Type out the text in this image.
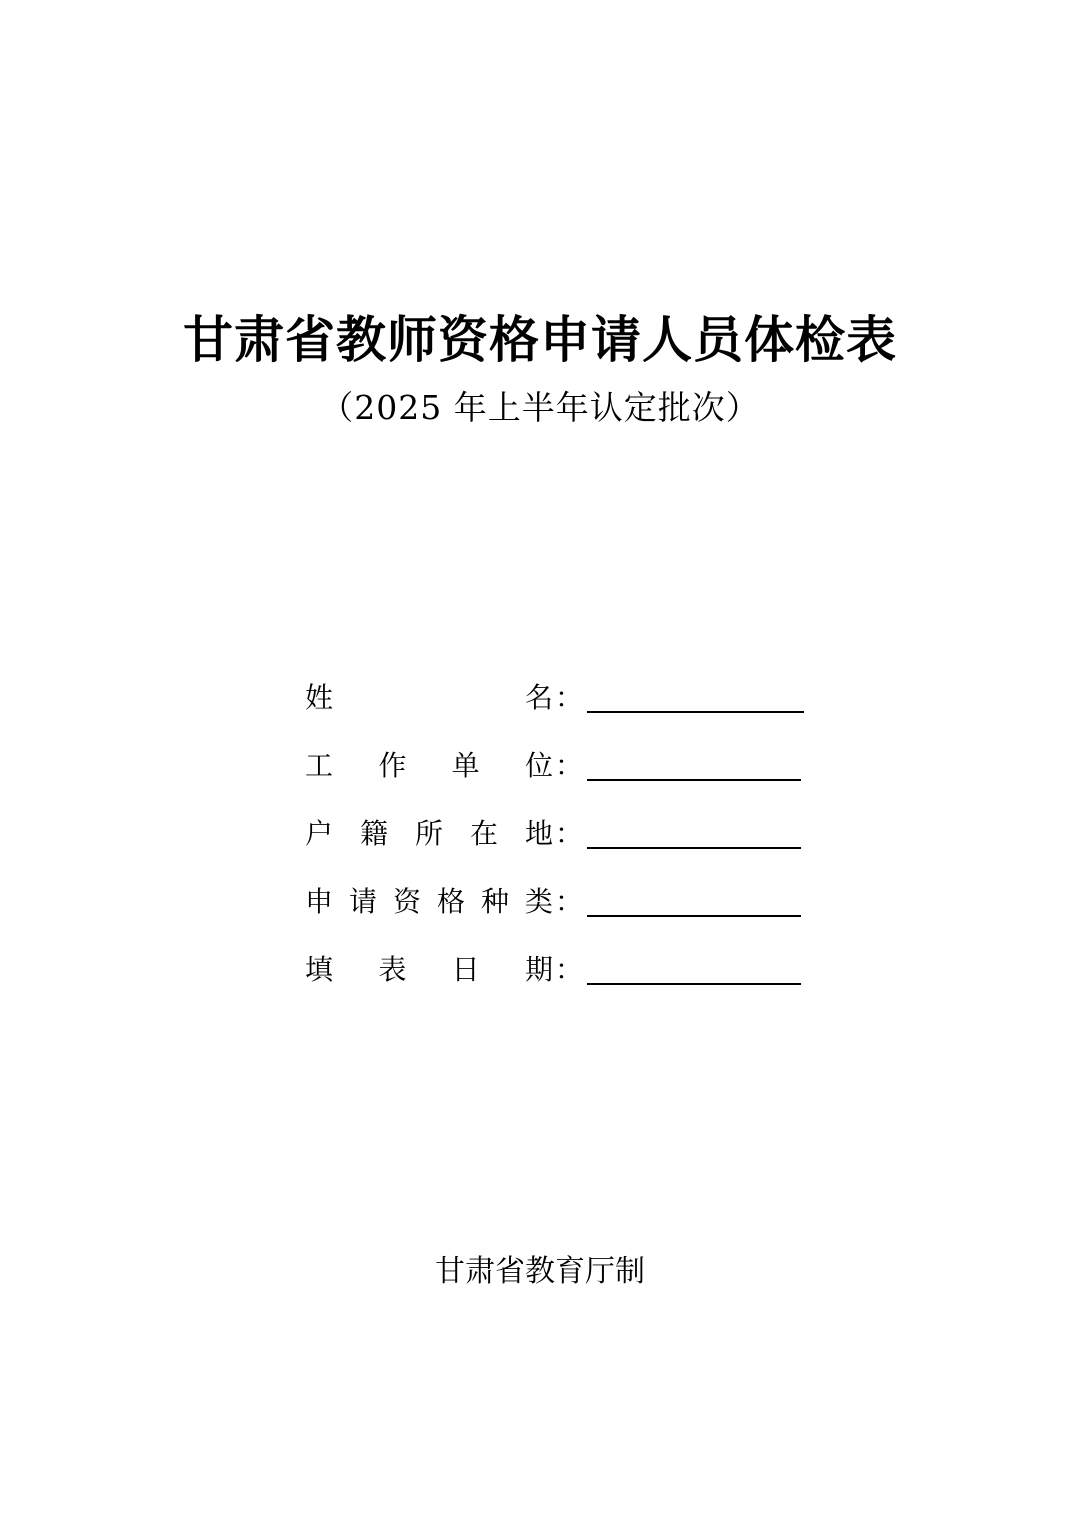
甘肃省教师资格申请人员体检表
（2025 年上半年认定批次）
姓	名 ：
工 作 单 位 ：
户 籍 所 在 地 ：
申 请 资 格 种 类 ：
填 表 日 期 ：
甘肃省教育厅制
